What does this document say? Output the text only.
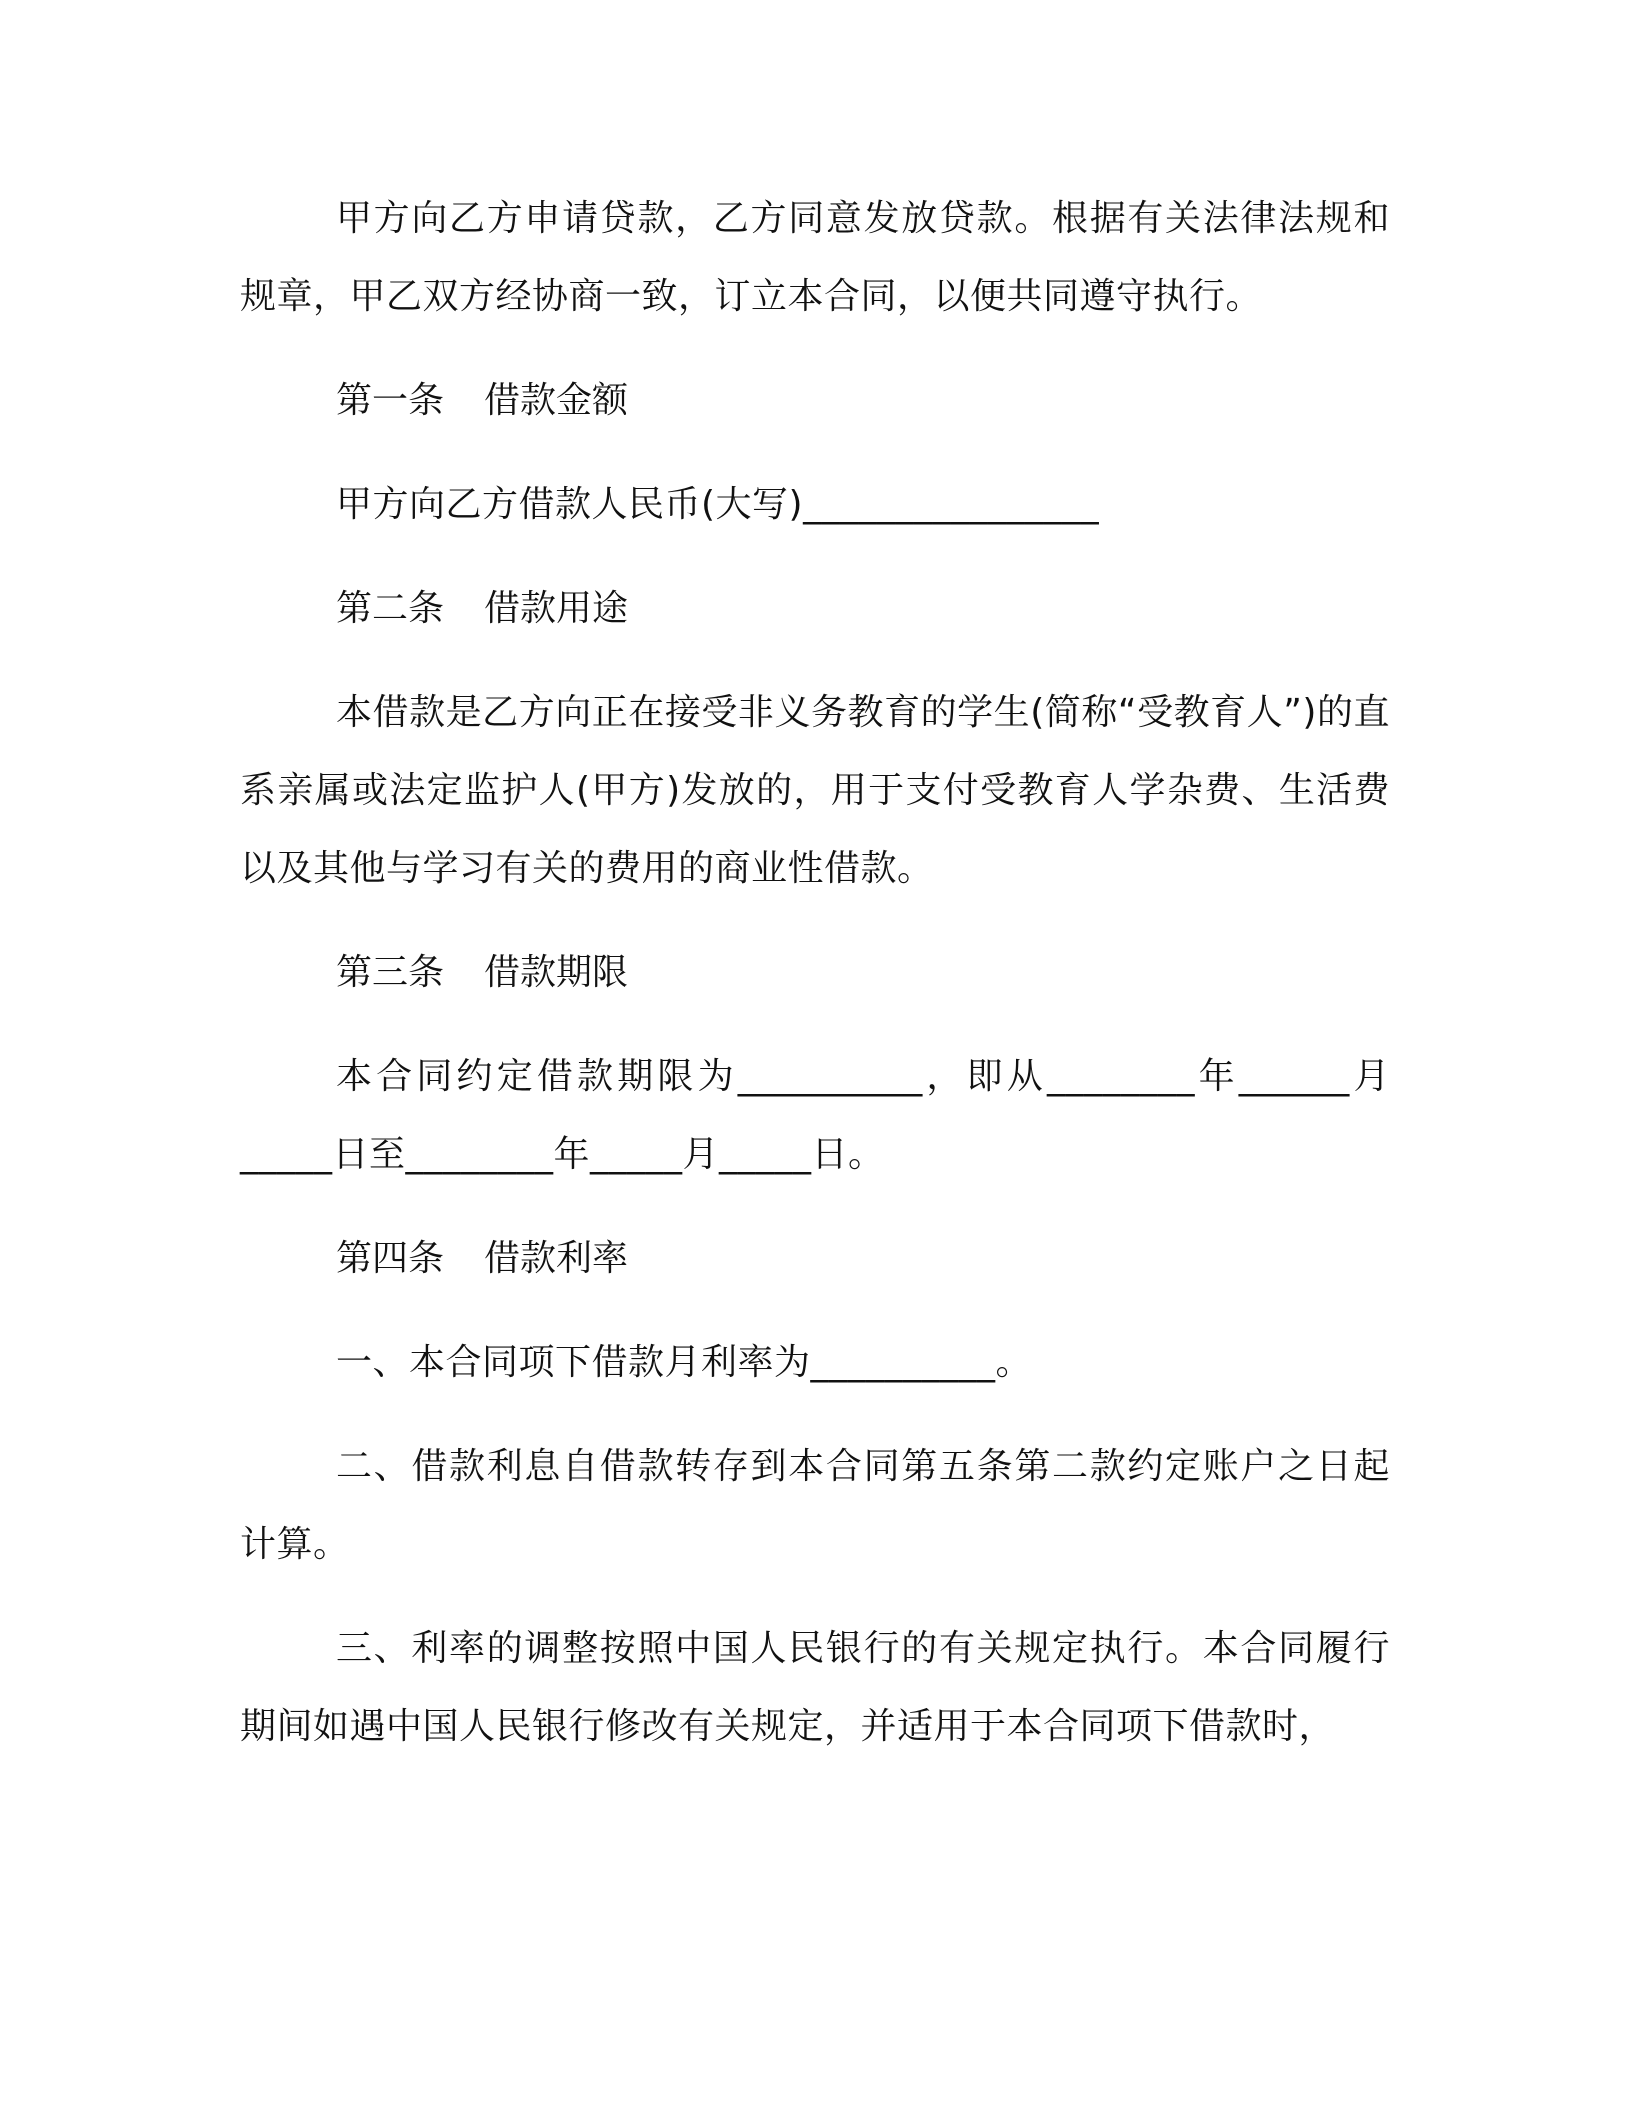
甲方向乙方申请贷款，乙方同意发放贷款。根据有关法律法规和规章，甲乙双方经协商一致，订立本合同，以便共同遵守执行。

第一条 借款金额

甲方向乙方借款人民币(大写)________________

第二条 借款用途

本借款是乙方向正在接受非义务教育的学生(简称“受教育人”)的直系亲属或法定监护人(甲方)发放的，用于支付受教育人学杂费、生活费以及其他与学习有关的费用的商业性借款。

第三条 借款期限

本合同约定借款期限为__________，即从________年______月_____日至________年_____月_____日。

第四条 借款利率

一、本合同项下借款月利率为__________。

二、借款利息自借款转存到本合同第五条第二款约定账户之日起计算。

三、利率的调整按照中国人民银行的有关规定执行。本合同履行期间如遇中国人民银行修改有关规定，并适用于本合同项下借款时，
